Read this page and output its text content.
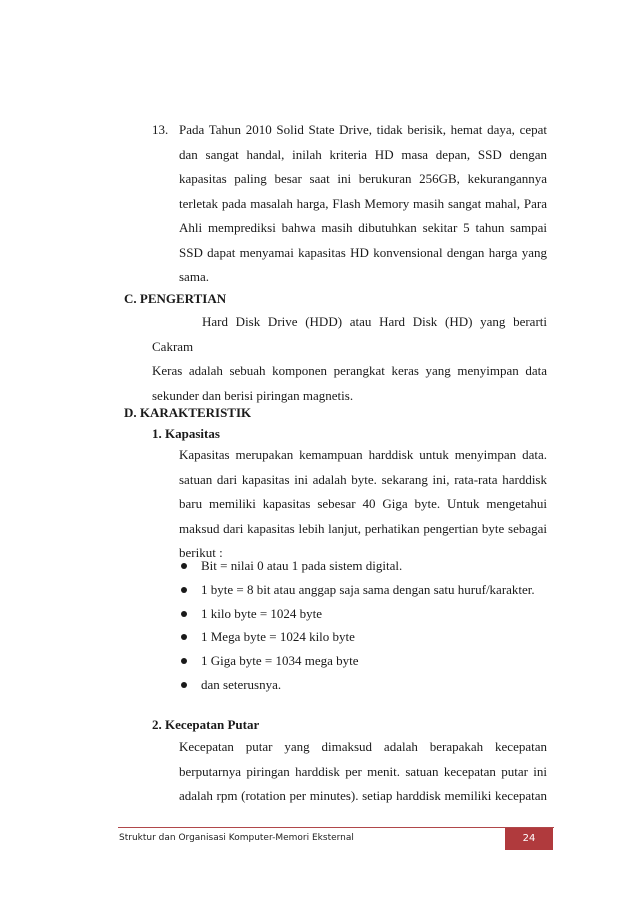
13. Pada Tahun 2010 Solid State Drive, tidak berisik, hemat daya, cepat

dan sangat handal, inilah kriteria HD masa depan, SSD dengan

kapasitas paling besar saat ini berukuran 256GB, kekurangannya

terletak pada masalah harga, Flash Memory masih sangat mahal, Para

Ahli memprediksi bahwa masih dibutuhkan sekitar 5 tahun sampai

SSD dapat menyamai kapasitas HD konvensional dengan harga yang

sama.

C. PENGERTIAN

Hard Disk Drive (HDD) atau Hard Disk (HD) yang berarti Cakram

Keras adalah sebuah komponen perangkat keras yang menyimpan data

sekunder dan berisi piringan magnetis.

D. KARAKTERISTIK
1. Kapasitas

Kapasitas merupakan kemampuan harddisk untuk menyimpan data.

satuan dari kapasitas ini adalah byte. sekarang ini, rata-rata harddisk

baru memiliki kapasitas sebesar 40 Giga byte. Untuk mengetahui

maksud dari kapasitas lebih lanjut, perhatikan pengertian byte sebagai

berikut :

Bit = nilai 0 atau 1 pada sistem digital.
1 byte = 8 bit atau anggap saja sama dengan satu huruf/karakter.
1 kilo byte = 1024 byte
1 Mega byte = 1024 kilo byte
1 Giga byte = 1034 mega byte
dan seterusnya.
2. Kecepatan Putar

Kecepatan putar yang dimaksud adalah berapakah kecepatan

berputarnya piringan harddisk per menit. satuan kecepatan putar ini

adalah rpm (rotation per minutes). setiap harddisk memiliki kecepatan

Struktur dan Organisasi Komputer-Memori Eksternal	24
